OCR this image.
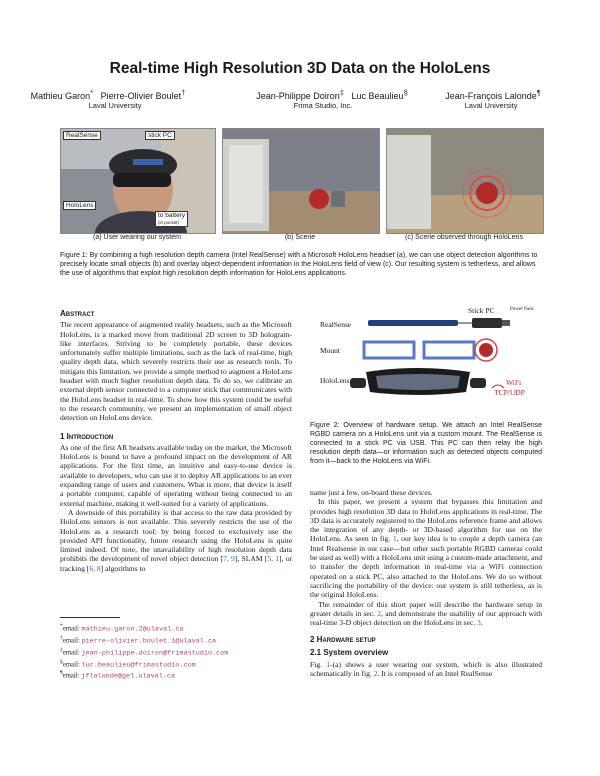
Real-time High Resolution 3D Data on the HoloLens
Mathieu Garon* Pierre-Olivier Boulet†	Jean-Philippe Doiron‡ Luc Beaulieu§	Jean-François Lalonde¶
Laval University	Frima Studio, Inc.	Laval University
RealSense	stick PC
HoloLens
to battery
(in pocket)
(a) User wearing our system	(b) Scene	(c) Scene observed through HoloLens
Figure 1: By combining a high resolution depth camera (Intel RealSense) with a Microsoft HoloLens headset (a), we can use object detection algorithms to precisely locate small objects (b) and overlay object-dependent information in the HoloLens field of view (c). Our resulting system is tetherless, and allows the use of algorithms that exploit high resolution depth information for HoloLens applications.
Abstract

The recent appearance of augmented reality headsets, such as the Microsoft HoloLens, is a marked move from traditional 2D screen to 3D hologram-like interfaces. Striving to be completely portable, these devices unfortunately suffer multiple limitations, such as the lack of real-time, high quality depth data, which severely restricts their use as research tools. To mitigate this limitation, we provide a simple method to augment a HoloLens headset with much higher resolution depth data. To do so, we calibrate an external depth sensor connected to a computer stick that communicates with the HoloLens headset in real-time. To show how this system could be useful to the research community, we present an implementation of small object detection on HoloLens device.

1 Introduction

As one of the first AR headsets available today on the market, the Microsoft HoloLens is bound to have a profound impact on the development of AR applications. For the first time, an intuitive and easy-to-use device is available to developers, who can use it to deploy AR applications to an ever expanding range of users and customers. What is more, that device is itself a portable computer, capable of operating without being connected to an external machine, making it well-suited for a variety of applications.

A downside of this portability is that access to the raw data provided by HoloLens sensors is not available. This severely restricts the use of the HoloLens as a research tool: by being forced to exclusively use the provided API functionality, future research using the HoloLens is quite limited indeed. Of note, the unavailability of high resolution depth data prohibits the development of novel object detection [7, 9], SLAM [5, 1], or tracking [6, 8] algorithms to

*email: mathieu.garon.2@ulaval.ca
†email: pierre-olivier.boulet.1@ulaval.ca
‡email: jean-philippe.doiron@frimastudio.com
§email: luc.beaulieu@frimastudio.com
¶email: jflalonde@gel.ulaval.ca
RealSense
Stick PC	Power Pack
Mount
HoloLens	WiFi
TCP/UDP
Figure 2: Overview of hardware setup. We attach an Intel RealSense RGBD camera on a HoloLens unit via a custom mount. The RealSense is connected to a stick PC via USB. This PC can then relay the high resolution depth data—or information such as detected objects computed from it—back to the HoloLens via WiFi.

name just a few, on-board these devices.

In this paper, we present a system that bypasses this limitation and provides high resolution 3D data to HoloLens applications in real-time. The 3D data is accurately registered to the HoloLens reference frame and allows the integration of any depth- or 3D-based algorithm for use on the HoloLens. As seen in fig. 1, our key idea is to couple a depth camera (an Intel Realsense in our case—but other such portable RGBD cameras could be used as well) with a HoloLens unit using a custom-made attachment, and to transfer the depth information in real-time via a WiFi connection operated on a stick PC, also attached to the HoloLens. We do so without sacrificing the portability of the device: our system is still tetherless, as is the original HoloLens.

The remainder of this short paper will describe the hardware setup in greater details in sec. 2, and demonstrate the usability of our approach with real-time 3-D object detection on the HoloLens in sec. 3.

2 Hardware setup
2.1 System overview

Fig. 1-(a) shows a user wearing our system, which is also illustrated schematically in fig. 2. It is composed of an Intel RealSense
